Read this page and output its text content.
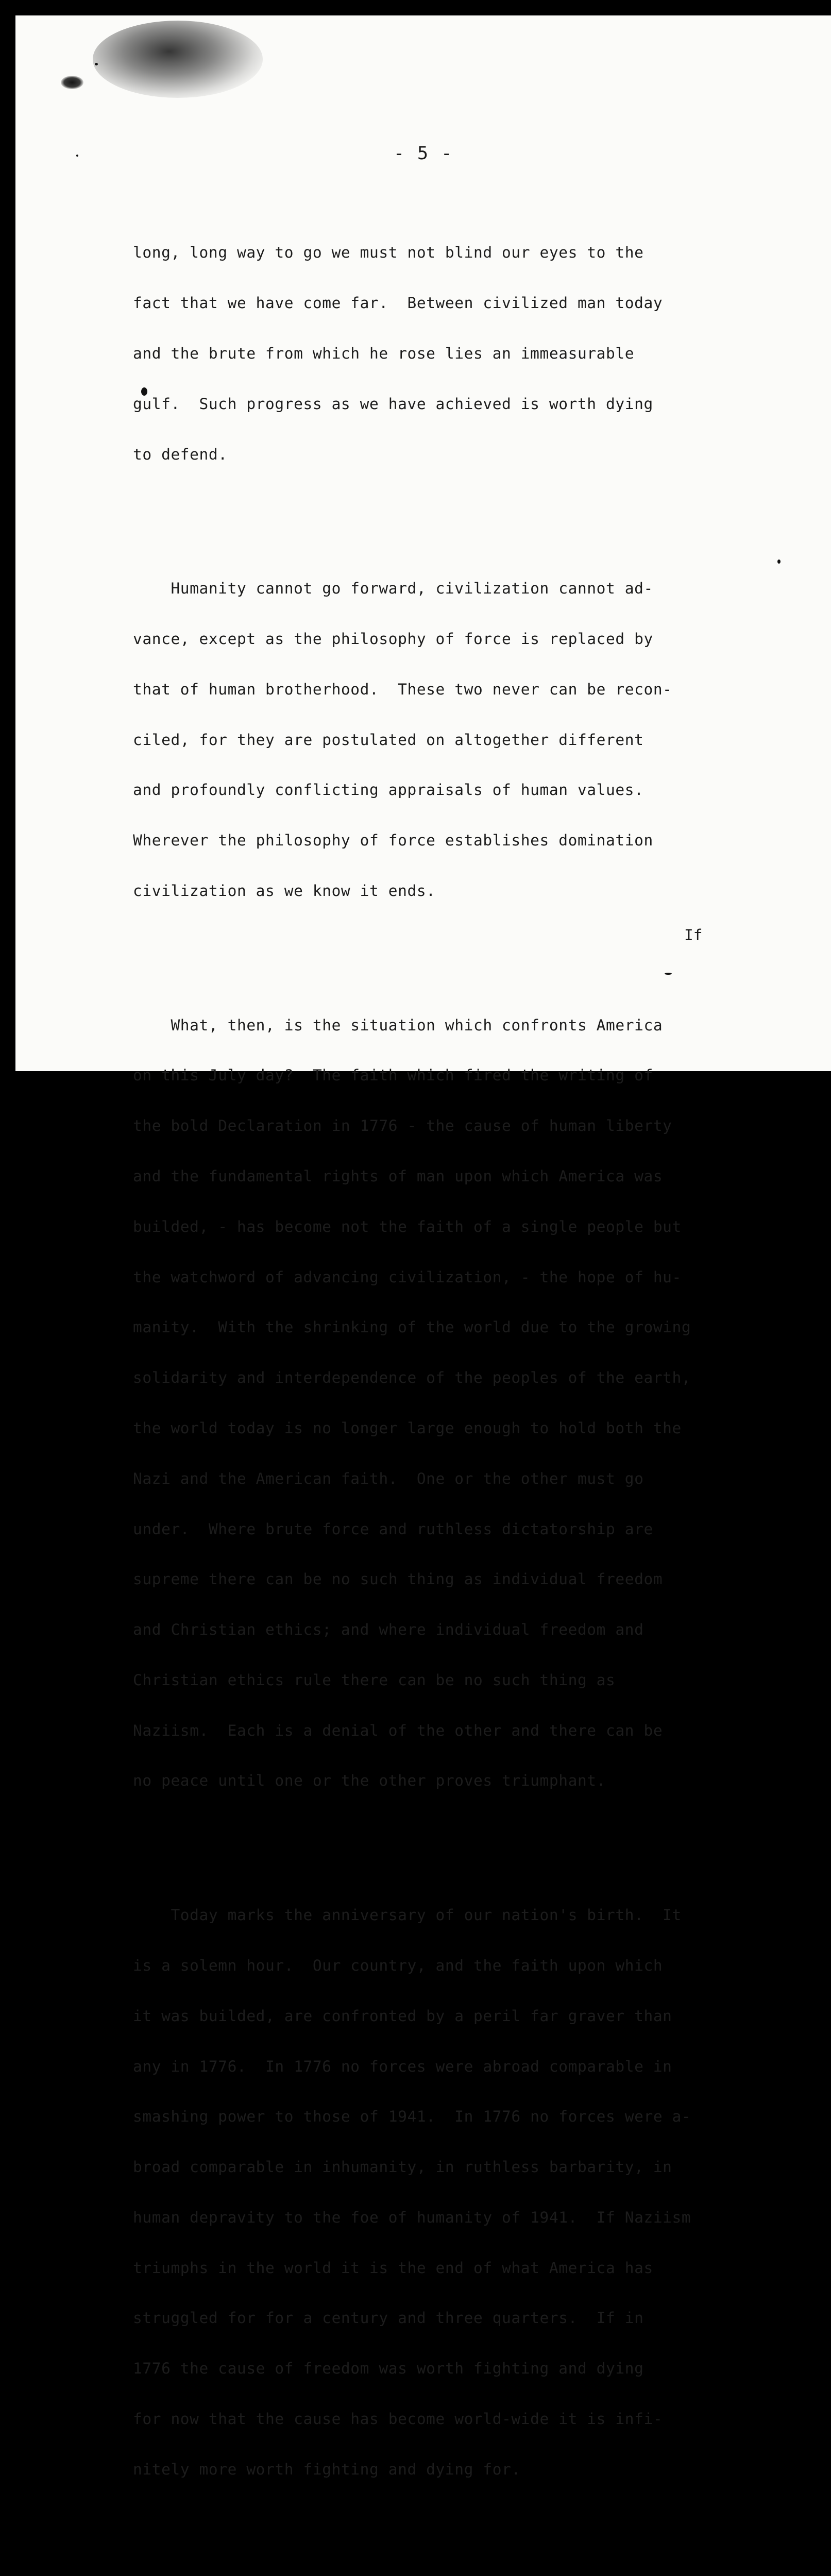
- 5 -

long, long way to go we must not blind our eyes to the

fact that we have come far.  Between civilized man today

and the brute from which he rose lies an immeasurable

gulf.  Such progress as we have achieved is worth dying

to defend.

Humanity cannot go forward, civilization cannot ad-

vance, except as the philosophy of force is replaced by

that of human brotherhood.  These two never can be recon-

ciled, for they are postulated on altogether different

and profoundly conflicting appraisals of human values.

Wherever the philosophy of force establishes domination

civilization as we know it ends.

What, then, is the situation which confronts America

on this July day?  The faith which fired the writing of

the bold Declaration in 1776 - the cause of human liberty

and the fundamental rights of man upon which America was

builded, - has become not the faith of a single people but

the watchword of advancing civilization, - the hope of hu-

manity.  With the shrinking of the world due to the growing

solidarity and interdependence of the peoples of the earth,

the world today is no longer large enough to hold both the

Nazi and the American faith.  One or the other must go

under.  Where brute force and ruthless dictatorship are

supreme there can be no such thing as individual freedom

and Christian ethics; and where individual freedom and

Christian ethics rule there can be no such thing as

Naziism.  Each is a denial of the other and there can be

no peace until one or the other proves triumphant.

Today marks the anniversary of our nation's birth.  It

is a solemn hour.  Our country, and the faith upon which

it was builded, are confronted by a peril far graver than

any in 1776.  In 1776 no forces were abroad comparable in

smashing power to those of 1941.  In 1776 no forces were a-

broad comparable in inhumanity, in ruthless barbarity, in

human depravity to the foe of humanity of 1941.  If Naziism

triumphs in the world it is the end of what America has

struggled for for a century and three quarters.  If in

1776 the cause of freedom was worth fighting and dying

for now that the cause has become world-wide it is infi-

nitely more worth fighting and dying for.

If
